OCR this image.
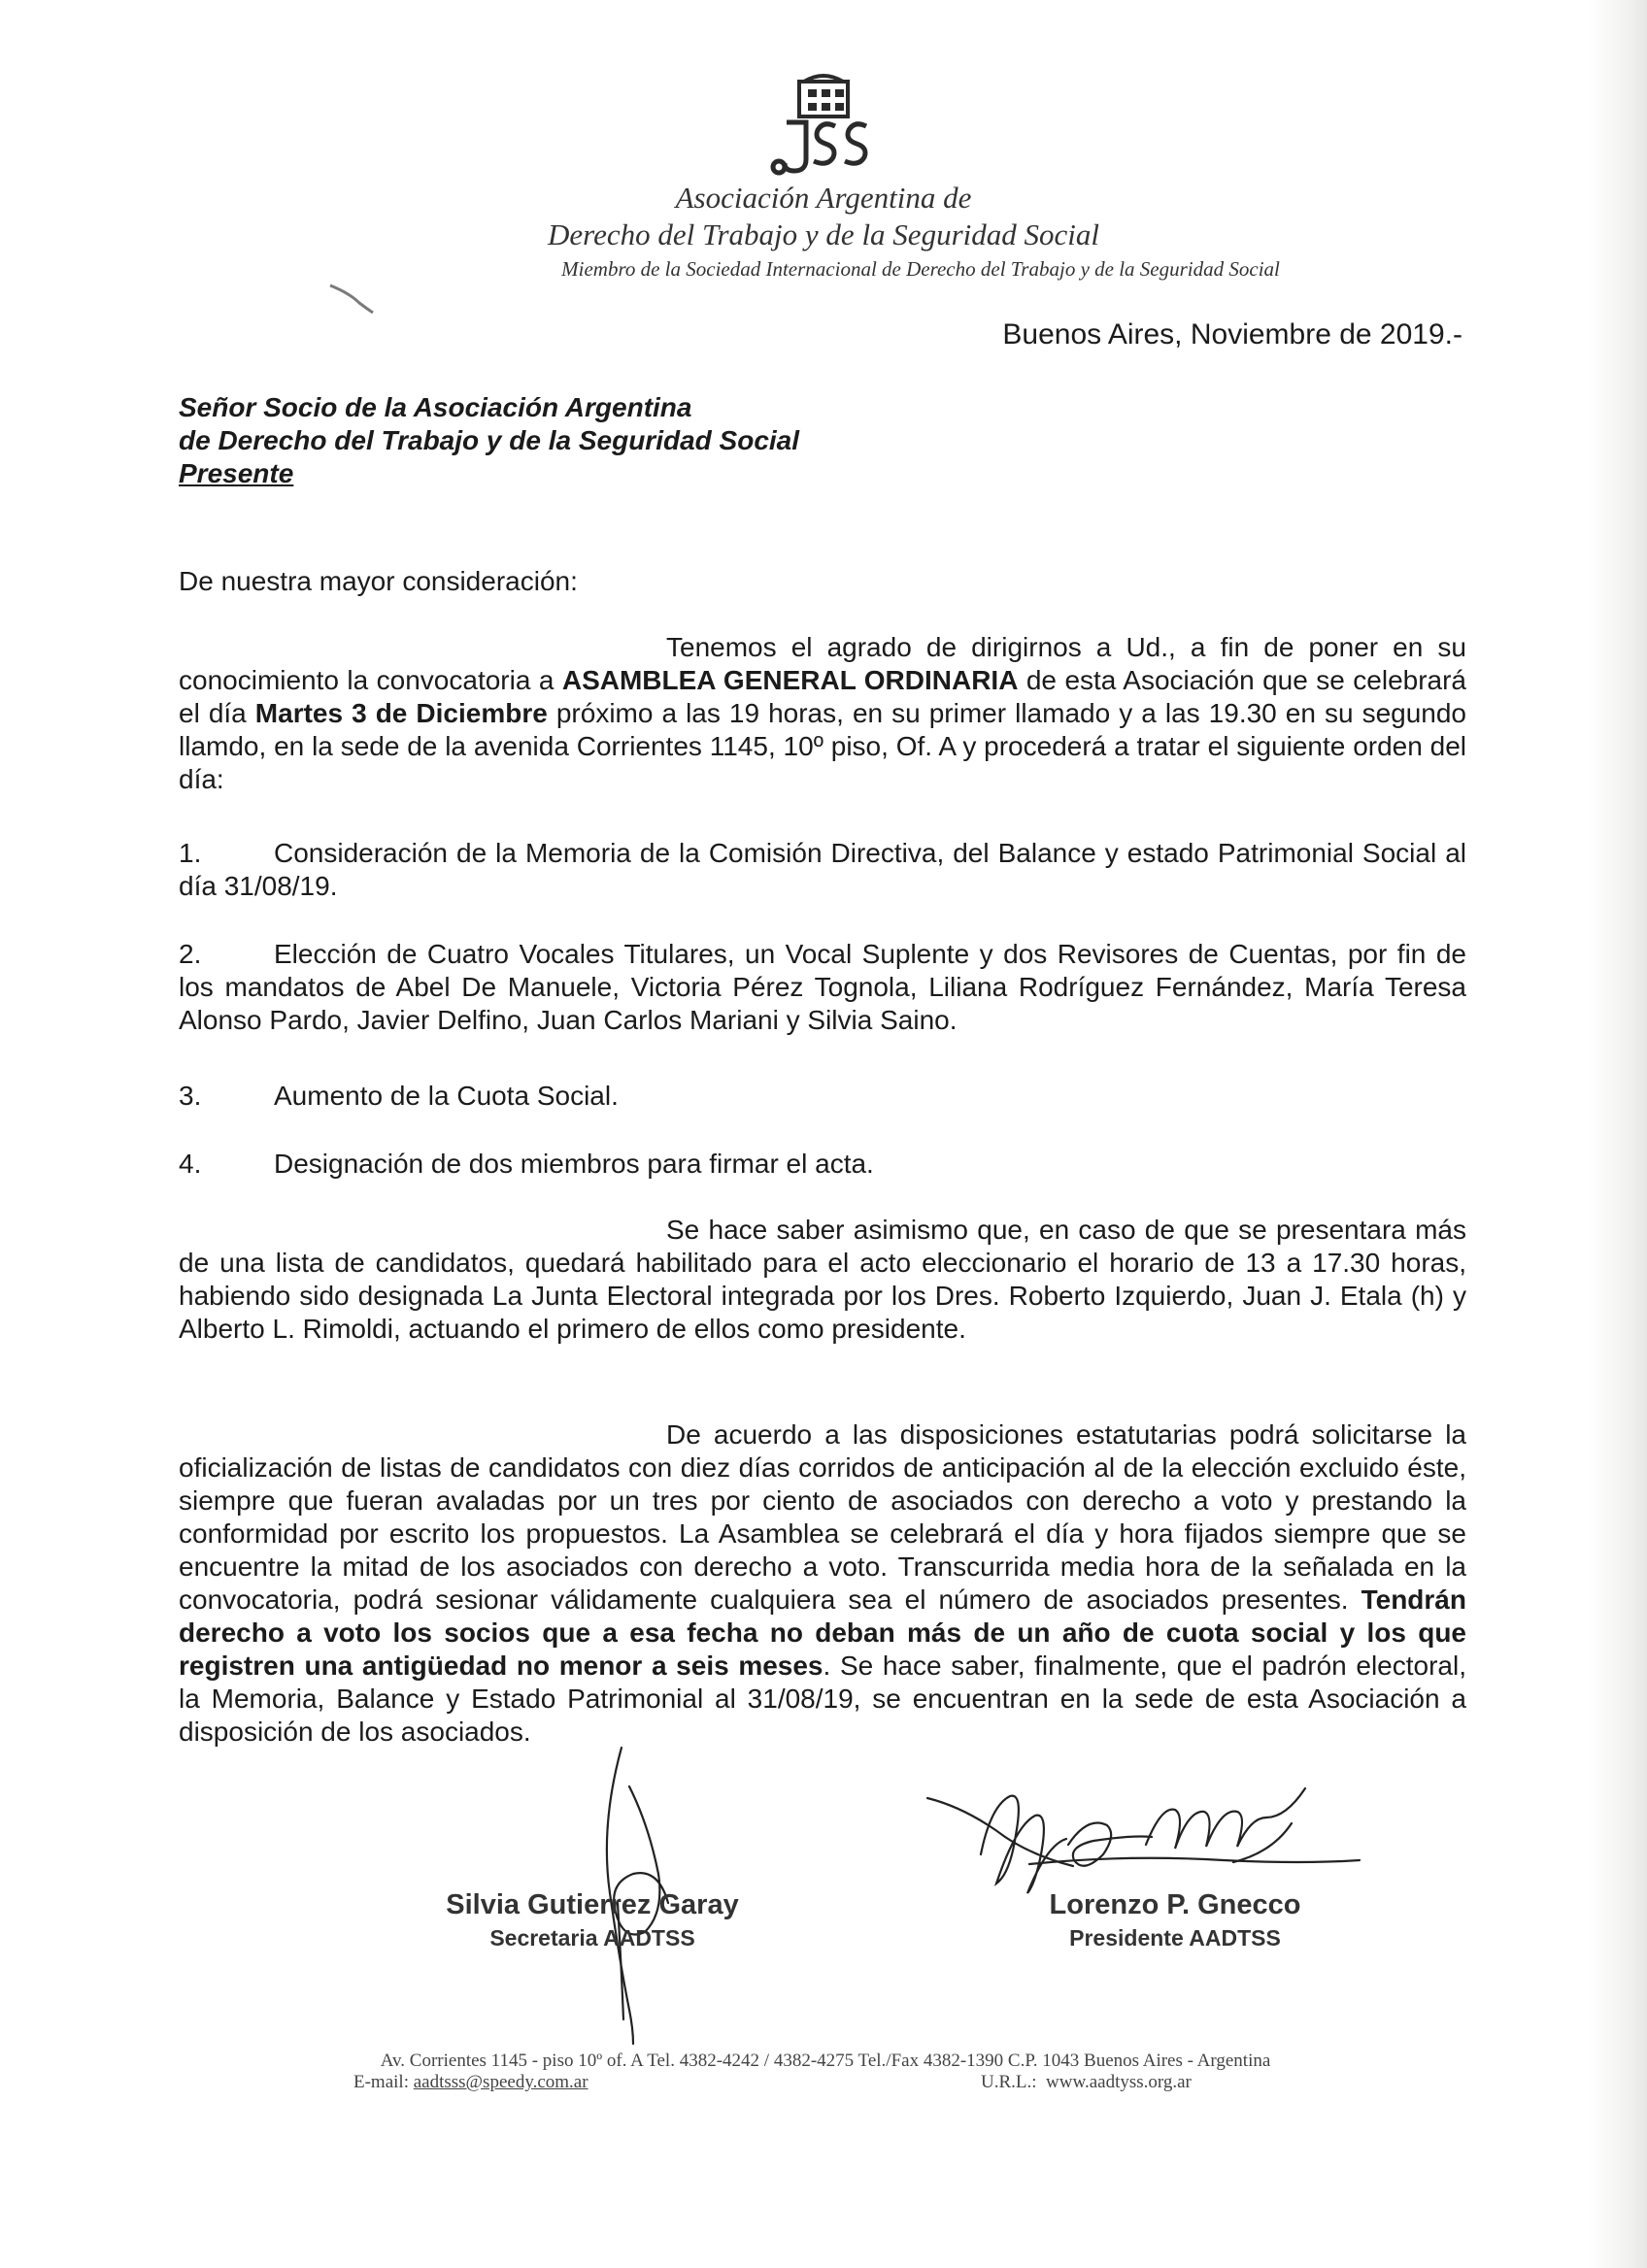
Asociación Argentina de
Derecho del Trabajo y de la Seguridad Social
Miembro de la Sociedad Internacional de Derecho del Trabajo y de la Seguridad Social
Buenos Aires, Noviembre de 2019.-
Señor Socio de la Asociación Argentina
de Derecho del Trabajo y de la Seguridad Social
Presente
De nuestra mayor consideración:
Tenemos el agrado de dirigirnos a Ud., a fin de poner en su conocimiento la convocatoria a ASAMBLEA GENERAL ORDINARIA de esta Asociación que se celebrará el día Martes 3 de Diciembre próximo a las 19 horas, en su primer llamado y a las 19.30 en su segundo llamdo, en la sede de la avenida Corrientes 1145, 10º piso, Of. A y procederá a tratar el siguiente orden del día:
1.	Consideración de la Memoria de la Comisión Directiva, del Balance y estado Patrimonial Social al día 31/08/19.
2.	Elección de Cuatro Vocales Titulares, un Vocal Suplente y dos Revisores de Cuentas, por fin de los mandatos de Abel De Manuele, Victoria Pérez Tognola, Liliana Rodríguez Fernández, María Teresa Alonso Pardo, Javier Delfino, Juan Carlos Mariani y Silvia Saino.
3.	Aumento de la Cuota Social.
4.	Designación de dos miembros para firmar el acta.
Se hace saber asimismo que, en caso de que se presentara más de una lista de candidatos, quedará habilitado para el acto eleccionario el horario de 13 a 17.30 horas, habiendo sido designada La Junta Electoral integrada por los Dres. Roberto Izquierdo, Juan J. Etala (h) y Alberto L. Rimoldi, actuando el primero de ellos como presidente.
De acuerdo a las disposiciones estatutarias podrá solicitarse la oficialización de listas de candidatos con diez días corridos de anticipación al de la elección excluido éste, siempre que fueran avaladas por un tres por ciento de asociados con derecho a voto y prestando la conformidad por escrito los propuestos. La Asamblea se celebrará el día y hora fijados siempre que se encuentre la mitad de los asociados con derecho a voto. Transcurrida media hora de la señalada en la convocatoria, podrá sesionar válidamente cualquiera sea el número de asociados presentes. Tendrán derecho a voto los socios que a esa fecha no deban más de un año de cuota social y los que registren una antigüedad no menor a seis meses. Se hace saber, finalmente, que el padrón electoral, la Memoria, Balance y Estado Patrimonial al 31/08/19, se encuentran en la sede de esta Asociación a disposición de los asociados.
Silvia Gutierrez Garay
Secretaria AADTSS
Lorenzo P. Gnecco
Presidente AADTSS
Av. Corrientes 1145 - piso 10º of. A Tel. 4382-4242 / 4382-4275 Tel./Fax 4382-1390 C.P. 1043 Buenos Aires - Argentina
E-mail: aadtsss@speedy.com.ar	U.R.L.: www.aadtyss.org.ar
